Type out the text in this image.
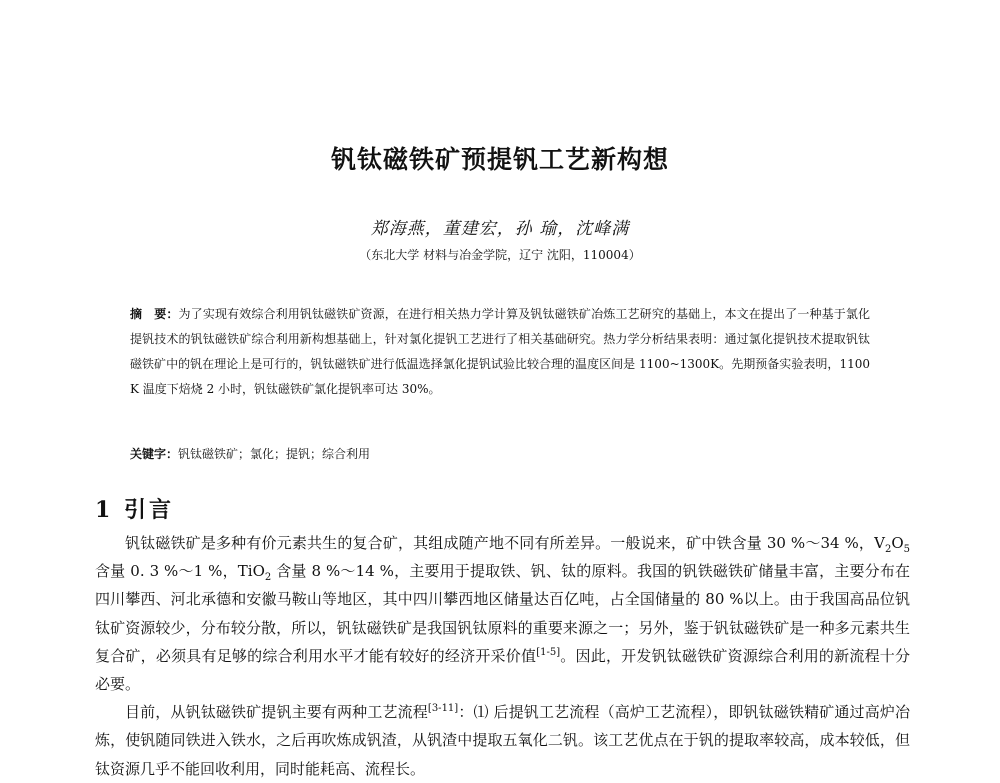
钒钛磁铁矿预提钒工艺新构想
郑海燕，董建宏，孙 瑜，沈峰满
（东北大学 材料与冶金学院，辽宁 沈阳，110004）
摘　要：为了实现有效综合利用钒钛磁铁矿资源，在进行相关热力学计算及钒钛磁铁矿冶炼工艺研究的基础上，本文在提出了一种基于氯化提钒技术的钒钛磁铁矿综合利用新构想基础上，针对氯化提钒工艺进行了相关基础研究。热力学分析结果表明：通过氯化提钒技术提取钒钛磁铁矿中的钒在理论上是可行的，钒钛磁铁矿进行低温选择氯化提钒试验比较合理的温度区间是 1100~1300K。先期预备实验表明，1100 K 温度下焙烧 2 小时，钒钛磁铁矿氯化提钒率可达 30%。
关键字：钒钛磁铁矿；氯化；提钒；综合利用
1 引言

钒钛磁铁矿是多种有价元素共生的复合矿，其组成随产地不同有所差异。一般说来，矿中铁含量 30 %～34 %，$V_2O_5$ 含量 0. 3 %～1 %，TiO$_2$ 含量 8 %～14 %，主要用于提取铁、钒、钛的原料。我国的钒铁磁铁矿储量丰富，主要分布在四川攀西、河北承德和安徽马鞍山等地区，其中四川攀西地区储量达百亿吨，占全国储量的 80 %以上。由于我国高品位钒钛矿资源较少，分布较分散，所以，钒钛磁铁矿是我国钒钛原料的重要来源之一；另外，鉴于钒钛磁铁矿是一种多元素共生复合矿，必须具有足够的综合利用水平才能有较好的经济开采价值[1-5]。因此，开发钒钛磁铁矿资源综合利用的新流程十分必要。

目前，从钒钛磁铁矿提钒主要有两种工艺流程[3-11]：⑴ 后提钒工艺流程（高炉工艺流程），即钒钛磁铁精矿通过高炉冶炼，使钒随同铁进入铁水，之后再吹炼成钒渣，从钒渣中提取五氧化二钒。该工艺优点在于钒的提取率较高，成本较低，但钛资源几乎不能回收利用，同时能耗高、流程长。
